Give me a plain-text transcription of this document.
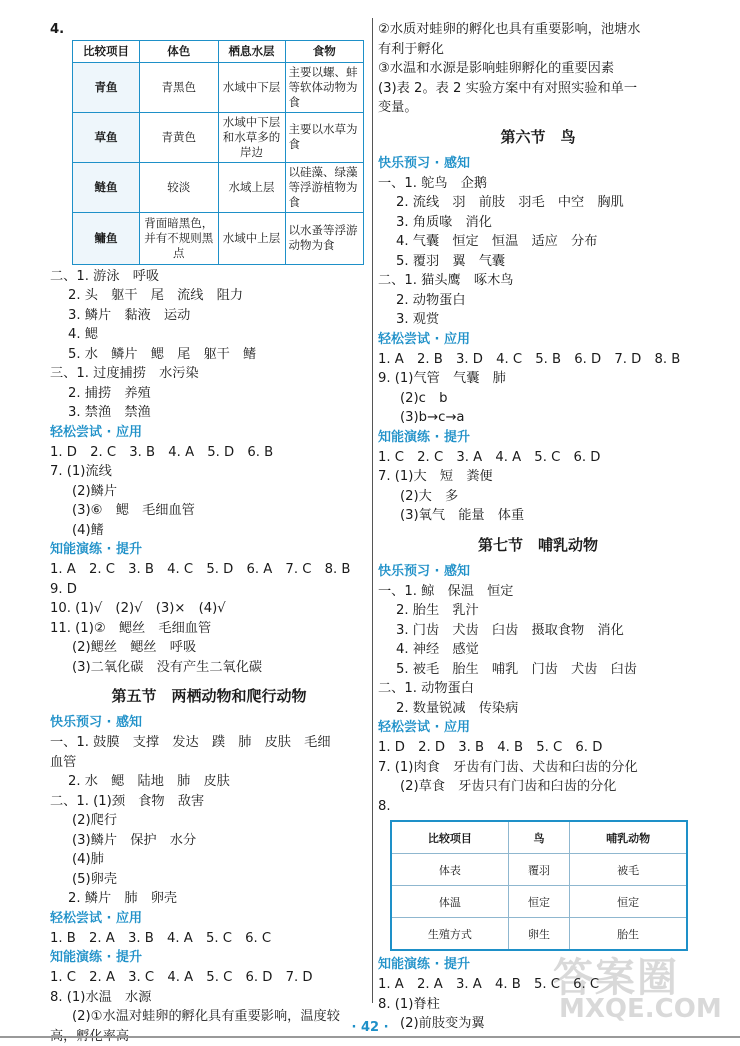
4.
比较项目	体色	栖息水层	食物
青鱼	青黑色	水域中下层	主要以螺、蚌等软体动物为食
草鱼	青黄色	水域中下层和水草多的岸边	主要以水草为食
鲢鱼	较淡	水域上层	以硅藻、绿藻等浮游植物为食
鳙鱼	背面暗黑色，并有不规则黑点	水域中上层	以水蚤等浮游动物为食
二、1. 游泳　呼吸
2. 头　躯干　尾　流线　阻力
3. 鳞片　黏液　运动
4. 鳃
5. 水　鳞片　鳃　尾　躯干　鳍
三、1. 过度捕捞　水污染
2. 捕捞　养殖
3. 禁渔　禁渔
轻松尝试 · 应用
1. D　2. C　3. B　4. A　5. D　6. B
7. (1)流线
(2)鳞片
(3)⑥　鳃　毛细血管
(4)鳍
知能演练 · 提升
1. A　2. C　3. B　4. C　5. D　6. A　7. C　8. B
9. D
10. (1)√　(2)√　(3)×　(4)√
11. (1)②　鳃丝　毛细血管
(2)鳃丝　鳃丝　呼吸
(3)二氧化碳　没有产生二氧化碳
第五节　两栖动物和爬行动物
快乐预习 · 感知
一、1. 鼓膜　支撑　发达　蹼　肺　皮肤　毛细
血管
2. 水　鳃　陆地　肺　皮肤
二、1. (1)颈　食物　敌害
(2)爬行
(3)鳞片　保护　水分
(4)肺
(5)卵壳
2. 鳞片　肺　卵壳
轻松尝试 · 应用
1. B　2. A　3. B　4. A　5. C　6. C
知能演练 · 提升
1. C　2. A　3. C　4. A　5. C　6. D　7. D
8. (1)水温　水源
(2)①水温对蛙卵的孵化具有重要影响，温度较
②水质对蛙卵的孵化也具有重要影响，池塘水
有利于孵化
③水温和水源是影响蛙卵孵化的重要因素
(3)表 2。表 2 实验方案中有对照实验和单一
变量。
第六节　鸟
快乐预习 · 感知
一、1. 鸵鸟　企鹅
2. 流线　羽　前肢　羽毛　中空　胸肌
3. 角质喙　消化
4. 气囊　恒定　恒温　适应　分布
5. 覆羽　翼　气囊
二、1. 猫头鹰　啄木鸟
2. 动物蛋白
3. 观赏
轻松尝试 · 应用
1. A　2. B　3. D　4. C　5. B　6. D　7. D　8. B
9. (1)气管　气囊　肺
(2)c　b
(3)b→c→a
知能演练 · 提升
1. C　2. C　3. A　4. A　5. C　6. D
7. (1)大　短　粪便
(2)大　多
(3)氧气　能量　体重
第七节　哺乳动物
快乐预习 · 感知
一、1. 鲸　保温　恒定
2. 胎生　乳汁
3. 门齿　犬齿　臼齿　摄取食物　消化
4. 神经　感觉
5. 被毛　胎生　哺乳　门齿　犬齿　臼齿
二、1. 动物蛋白
2. 数量锐减　传染病
轻松尝试 · 应用
1. D　2. D　3. B　4. B　5. C　6. D
7. (1)肉食　牙齿有门齿、犬齿和臼齿的分化
(2)草食　牙齿只有门齿和臼齿的分化
8.
比较项目	鸟	哺乳动物
体表	覆羽	被毛
体温	恒定	恒定
生殖方式	卵生	胎生
知能演练 · 提升
1. A　2. A　3. A　4. B　5. C　6. C
8. (1)脊柱
(2)前肢变为翼
· 42 ·
答案圈
MXQE.COM
